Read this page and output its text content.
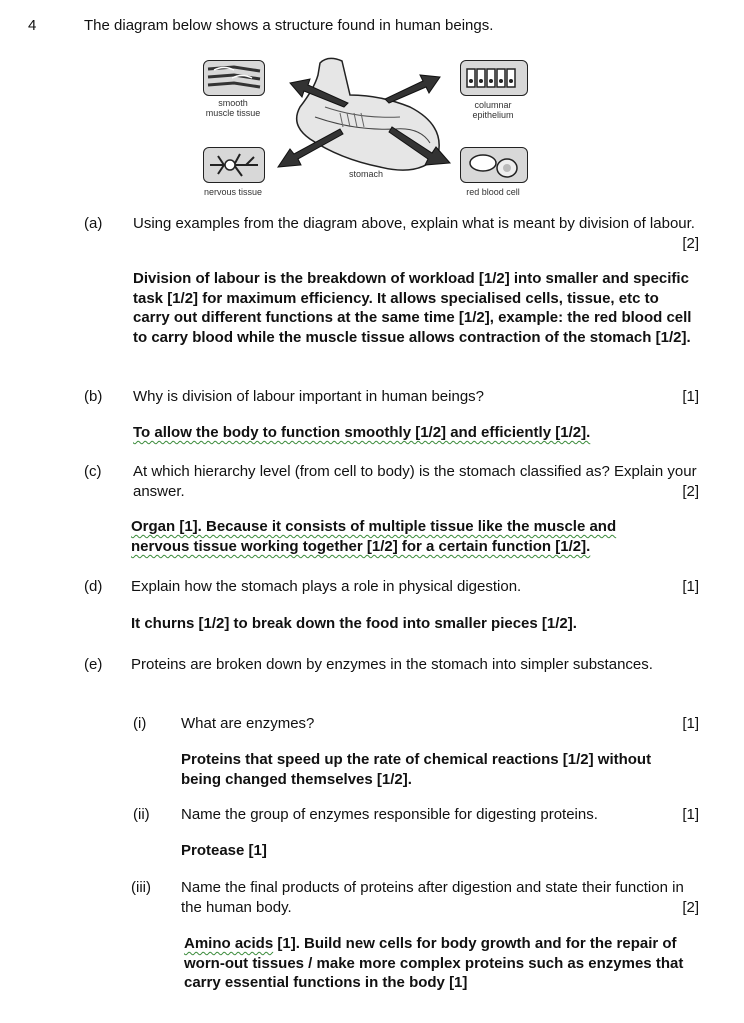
4	The diagram below shows a structure found in human beings.
smooth muscle tissue
columnar epithelium
nervous tissue	red blood cell
stomach
(a) Using examples from the diagram above, explain what is meant by division of labour.
[2]
Division of labour is the breakdown of workload [1/2] into smaller and specific task [1/2] for maximum efficiency. It allows specialised cells, tissue, etc to carry out different functions at the same time [1/2], example: the red blood cell to carry blood while the muscle tissue allows contraction of the stomach [1/2].
(b) Why is division of labour important in human beings?	[1]
To allow the body to function smoothly [1/2] and efficiently [1/2].
(c) At which hierarchy level (from cell to body) is the stomach classified as? Explain your answer.	[2]
Organ [1]. Because it consists of multiple tissue like the muscle and
nervous tissue working together [1/2] for a certain function [1/2].
(d) Explain how the stomach plays a role in physical digestion.	[1]
It churns [1/2] to break down the food into smaller pieces [1/2].
(e) Proteins are broken down by enzymes in the stomach into simpler substances.
(i) What are enzymes?	[1]
Proteins that speed up the rate of chemical reactions [1/2] without being changed themselves [1/2].
(ii) Name the group of enzymes responsible for digesting proteins.	[1]
Protease [1]
(iii) Name the final products of proteins after digestion and state their function in the human body.	[2]
Amino acids [1]. Build new cells for body growth and for the repair of worn-out tissues / make more complex proteins such as enzymes that carry essential functions in the body [1]
